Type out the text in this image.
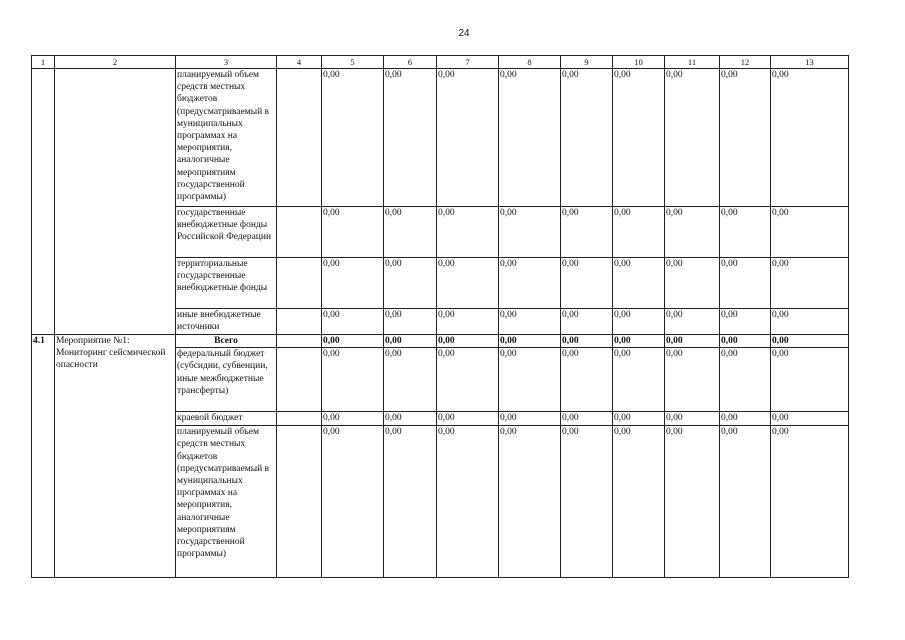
24
1	2	3	4	5	6	7	8	9	10	11	12	13
		планируемый объем средств местных бюджетов (предусматриваемый в муниципальных программах на мероприятия, аналогичные мероприятиям государственной программы)		0,00	0,00	0,00	0,00	0,00	0,00	0,00	0,00	0,00
		государственные внебюджетные фонды Российской Федерации		0,00	0,00	0,00	0,00	0,00	0,00	0,00	0,00	0,00
		территориальные государственные внебюджетные фонды		0,00	0,00	0,00	0,00	0,00	0,00	0,00	0,00	0,00
		иные внебюджетные источники		0,00	0,00	0,00	0,00	0,00	0,00	0,00	0,00	0,00
4.1	Мероприятие №1: Мониторинг сейсмической опасности	Всего		0,00	0,00	0,00	0,00	0,00	0,00	0,00	0,00	0,00
		федеральный бюджет (субсидии, субвенции, иные межбюджетные трансферты)		0,00	0,00	0,00	0,00	0,00	0,00	0,00	0,00	0,00
		краевой бюджет		0,00	0,00	0,00	0,00	0,00	0,00	0,00	0,00	0,00
		планируемый объем средств местных бюджетов (предусматриваемый в муниципальных программах на мероприятия, аналогичные мероприятиям государственной программы)		0,00	0,00	0,00	0,00	0,00	0,00	0,00	0,00	0,00
